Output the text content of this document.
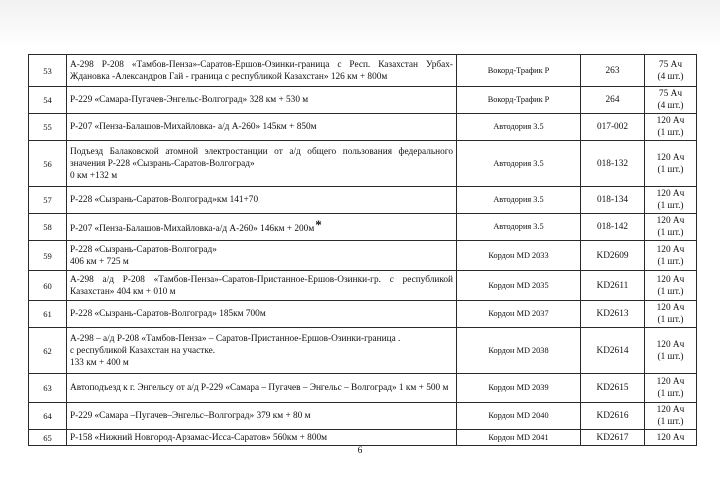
53	А-298 Р-208 «Тамбов-Пенза»-Саратов-Ершов-Озинки-граница с Респ. Казахстан Урбах-Ждановка -Александров Гай - граница с республикой Казахстан» 126 км + 800м	Вокорд-Трафик Р	263	75 Ач
(4 шт.)

54	Р-229 «Самара-Пугачев-Энгельс-Волгоград» 328 км + 530 м	Вокорд-Трафик Р	264	75 Ач
(4 шт.)

55	Р-207 «Пенза-Балашов-Михайловка- а/д А-260» 145км + 850м	Автодория 3.5	017-002	120 Ач
(1 шт.)

56	Подъезд Балаковской атомной электростанции от а/д общего пользования федерального значения Р-228 «Сызрань-Саратов-Волгоград»
0 км +132 м	Автодория 3.5	018-132	120 Ач
(1 шт.)

57	Р-228 «Сызрань-Саратов-Волгоград»км 141+70	Автодория 3.5	018-134	120 Ач
(1 шт.)

58	Р-207 «Пенза-Балашов-Михайловка-а/д А-260» 146км + 200м*	Автодория 3.5	018-142	120 Ач
(1 шт.)

59	Р-228 «Сызрань-Саратов-Волгоград»
406 км + 725 м	Кордон MD 2033	KD2609	120 Ач
(1 шт.)

60	А-298 а/д Р-208 «Тамбов-Пенза»-Саратов-Пристанное-Ершов-Озинки-гр. с республикой Казахстан» 404 км + 010 м	Кордон MD 2035	KD2611	120 Ач
(1 шт.)

61	Р-228 «Сызрань-Саратов-Волгоград» 185км 700м	Кордон MD 2037	KD2613	120 Ач
(1 шт.)

62	А-298 – а/д Р-208 «Тамбов-Пенза» – Саратов-Пристанное-Ершов-Озинки-граница .
с республикой Казахстан на участке.
133 км + 400 м	Кордон MD 2038	KD2614	120 Ач
(1 шт.)

63	Автоподъезд к г. Энгельсу от а/д Р-229 «Самара – Пугачев – Энгельс – Волгоград» 1 км + 500 м	Кордон MD 2039	KD2615	120 Ач
(1 шт.)

64	Р-229 «Самара –Пугачев–Энгельс–Волгоград» 379 км + 80 м	Кордон MD 2040	KD2616	120 Ач
(1 шт.)

65	Р-158 «Нижний Новгород-Арзамас-Исса-Саратов» 560км + 800м	Кордон MD 2041	KD2617	120 Ач
6
